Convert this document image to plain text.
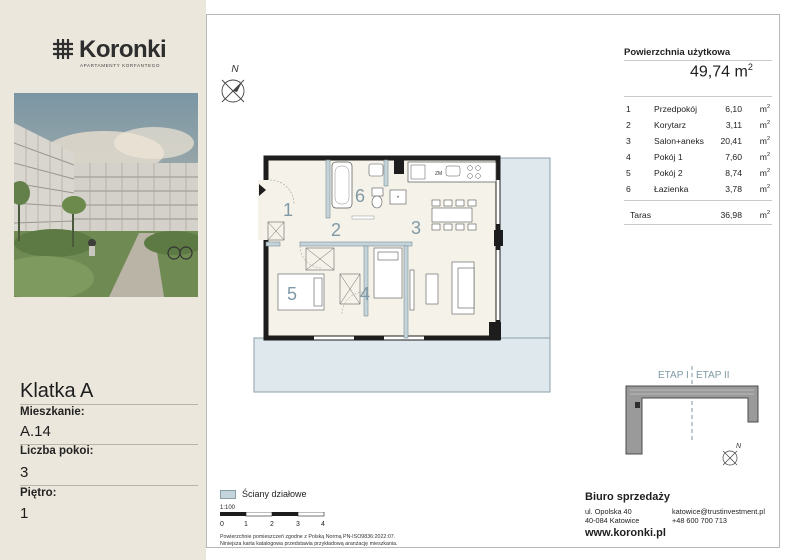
Koronki
APARTAMENTY KORFANTEGO
Klatka A
Mieszkanie:
A.14
Liczba pokoi:
3
Piętro:
1
N
ZM
*
1
2	3
4
5
6
Powierzchnia użytkowa
49,74 $m^2$
1	Przedpokój	6,10 $m^2$
2	Korytarz	3,11 $m^2$
3	Salon+aneks 20,41 $m^2$
4	Pokój 1	7,60 $m^2$
5	Pokój 2	8,74 $m^2$
6	Łazienka	3,78 $m^2$
Taras	36,98 $m^2$
ETAP I ETAP II
N
Ściany działowe
1:100
0	1	2	3	4
Powierzchnie pomieszczeń zgodne z Polską Normą PN-ISO9836:2022:07.
Niniejsza karta katalogowa przedstawia przykładową aranżację mieszkania.
Biuro sprzedaży
ul. Opolska 40
40-084 Katowice
katowice@trustinvestment.pl
+48 600 700 713
www.koronki.pl
